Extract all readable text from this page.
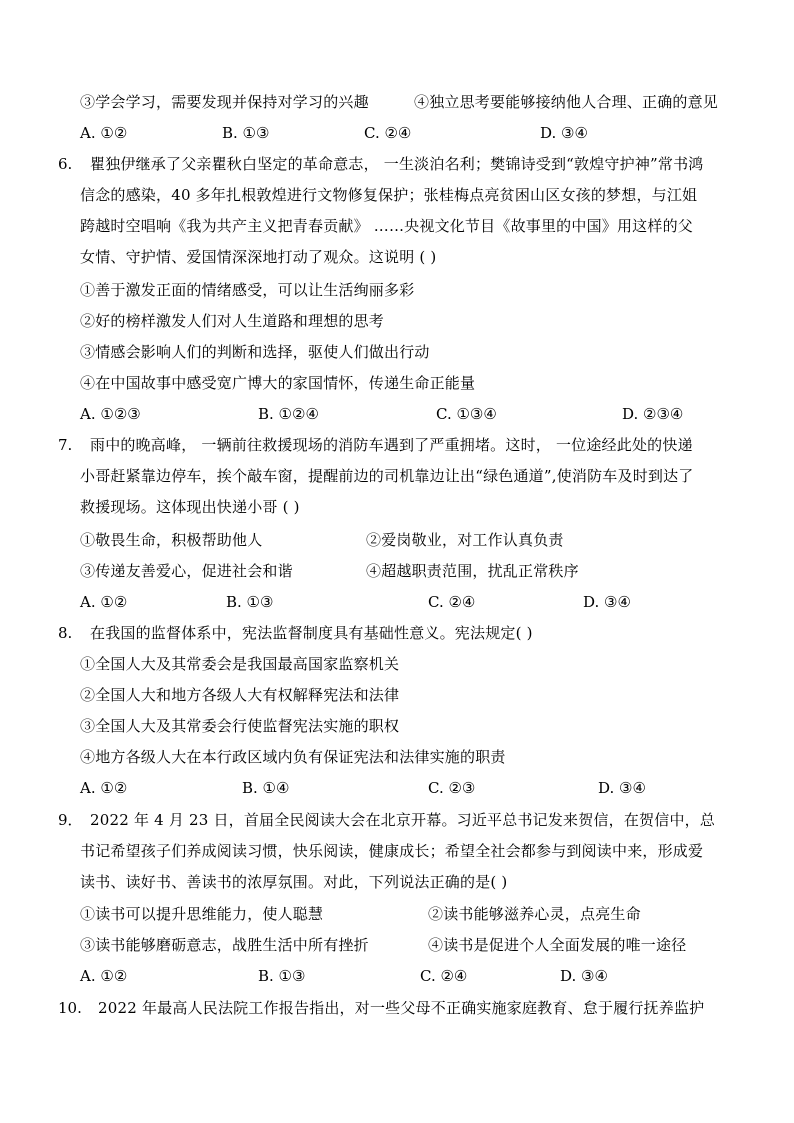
③学会学习，需要发现并保持对学习的兴趣	④独立思考要能够接纳他人合理、正确的意见
A. ①②	B. ①③	C. ②④	D. ③④
6. 瞿独伊继承了父亲瞿秋白坚定的革命意志， 一生淡泊名利；樊锦诗受到“敦煌守护神”常书鸿
信念的感染，40 多年扎根敦煌进行文物修复保护；张桂梅点亮贫困山区女孩的梦想，与江姐
跨越时空唱响《我为共产主义把青春贡献》 ……央视文化节目《故事里的中国》用这样的父
女情、守护情、爱国情深深地打动了观众。这说明 ( )
①善于激发正面的情绪感受，可以让生活绚丽多彩
②好的榜样激发人们对人生道路和理想的思考
③情感会影响人们的判断和选择，驱使人们做出行动
④在中国故事中感受宽广博大的家国情怀，传递生命正能量
A. ①②③	B. ①②④	C. ①③④	D. ②③④
7. 雨中的晚高峰， 一辆前往救援现场的消防车遇到了严重拥堵。这时， 一位途经此处的快递
小哥赶紧靠边停车，挨个敲车窗，提醒前边的司机靠边让出“绿色通道”,使消防车及时到达了
救援现场。这体现出快递小哥 ( )
①敬畏生命，积极帮助他人	②爱岗敬业，对工作认真负责
③传递友善爱心，促进社会和谐	④超越职责范围，扰乱正常秩序
A. ①②	B. ①③	C. ②④	D. ③④
8. 在我国的监督体系中，宪法监督制度具有基础性意义。宪法规定( )
①全国人大及其常委会是我国最高国家监察机关
②全国人大和地方各级人大有权解释宪法和法律
③全国人大及其常委会行使监督宪法实施的职权
④地方各级人大在本行政区域内负有保证宪法和法律实施的职责
A. ①②	B. ①④	C. ②③	D. ③④
9． 2022 年 4 月 23 日，首届全民阅读大会在北京开幕。习近平总书记发来贺信，在贺信中，总
书记希望孩子们养成阅读习惯，快乐阅读，健康成长；希望全社会都参与到阅读中来，形成爱
读书、读好书、善读书的浓厚氛围。对此，下列说法正确的是( )
①读书可以提升思维能力，使人聪慧	②读书能够滋养心灵，点亮生命
③读书能够磨砺意志，战胜生活中所有挫折	④读书是促进个人全面发展的唯一途径
A. ①②	B. ①③	C. ②④	D. ③④
10. 2022 年最高人民法院工作报告指出，对一些父母不正确实施家庭教育、怠于履行抚养监护
